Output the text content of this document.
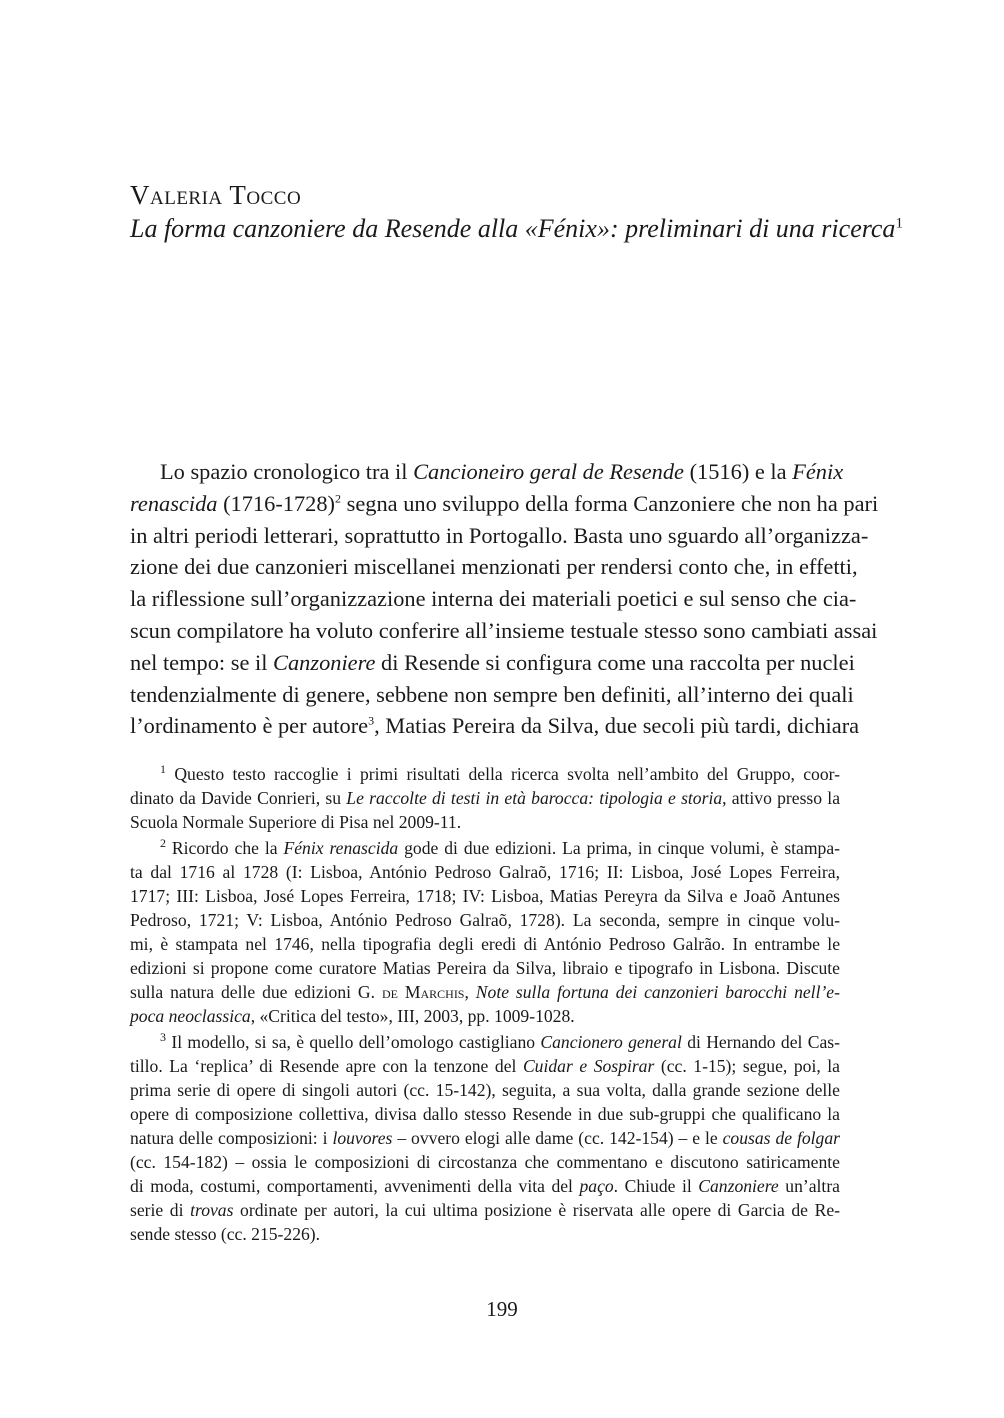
Valeria Tocco
La forma canzoniere da Resende alla «Fénix»: preliminari di una ricerca$^1$
Lo spazio cronologico tra il Cancioneiro geral de Resende (1516) e la Fénix
renascida (1716-1728)$^2$ segna uno sviluppo della forma Canzoniere che non ha pari
in altri periodi letterari, soprattutto in Portogallo. Basta uno sguardo all’organizza-
zione dei due canzonieri miscellanei menzionati per rendersi conto che, in effetti,
la riflessione sull’organizzazione interna dei materiali poetici e sul senso che cia-
scun compilatore ha voluto conferire all’insieme testuale stesso sono cambiati assai
nel tempo: se il Canzoniere di Resende si configura come una raccolta per nuclei
tendenzialmente di genere, sebbene non sempre ben definiti, all’interno dei quali
l’ordinamento è per autore$^3$, Matias Pereira da Silva, due secoli più tardi, dichiara
$^1$ Questo testo raccoglie i primi risultati della ricerca svolta nell’ambito del Gruppo, coor-
dinato da Davide Conrieri, su Le raccolte di testi in età barocca: tipologia e storia, attivo presso la
Scuola Normale Superiore di Pisa nel 2009-11.
$^2$ Ricordo che la Fénix renascida gode di due edizioni. La prima, in cinque volumi, è stampa-
ta dal 1716 al 1728 (I: Lisboa, António Pedroso Galraõ, 1716; II: Lisboa, José Lopes Ferreira,
1717; III: Lisboa, José Lopes Ferreira, 1718; IV: Lisboa, Matias Pereyra da Silva e Joaõ Antunes
Pedroso, 1721; V: Lisboa, António Pedroso Galraõ, 1728). La seconda, sempre in cinque volu-
mi, è stampata nel 1746, nella tipografia degli eredi di António Pedroso Galrão. In entrambe le
edizioni si propone come curatore Matias Pereira da Silva, libraio e tipografo in Lisbona. Discute
sulla natura delle due edizioni G. de Marchis, Note sulla fortuna dei canzonieri barocchi nell’e-
poca neoclassica, «Critica del testo», III, 2003, pp. 1009-1028.
$^3$ Il modello, si sa, è quello dell’omologo castigliano Cancionero general di Hernando del Cas-
tillo. La ‘replica’ di Resende apre con la tenzone del Cuidar e Sospirar (cc. 1-15); segue, poi, la
prima serie di opere di singoli autori (cc. 15-142), seguita, a sua volta, dalla grande sezione delle
opere di composizione collettiva, divisa dallo stesso Resende in due sub-gruppi che qualificano la
natura delle composizioni: i louvores – ovvero elogi alle dame (cc. 142-154) – e le cousas de folgar
(cc. 154-182) – ossia le composizioni di circostanza che commentano e discutono satiricamente
di moda, costumi, comportamenti, avvenimenti della vita del paço. Chiude il Canzoniere un’altra
serie di trovas ordinate per autori, la cui ultima posizione è riservata alle opere di Garcia de Re-
sende stesso (cc. 215-226).
199
